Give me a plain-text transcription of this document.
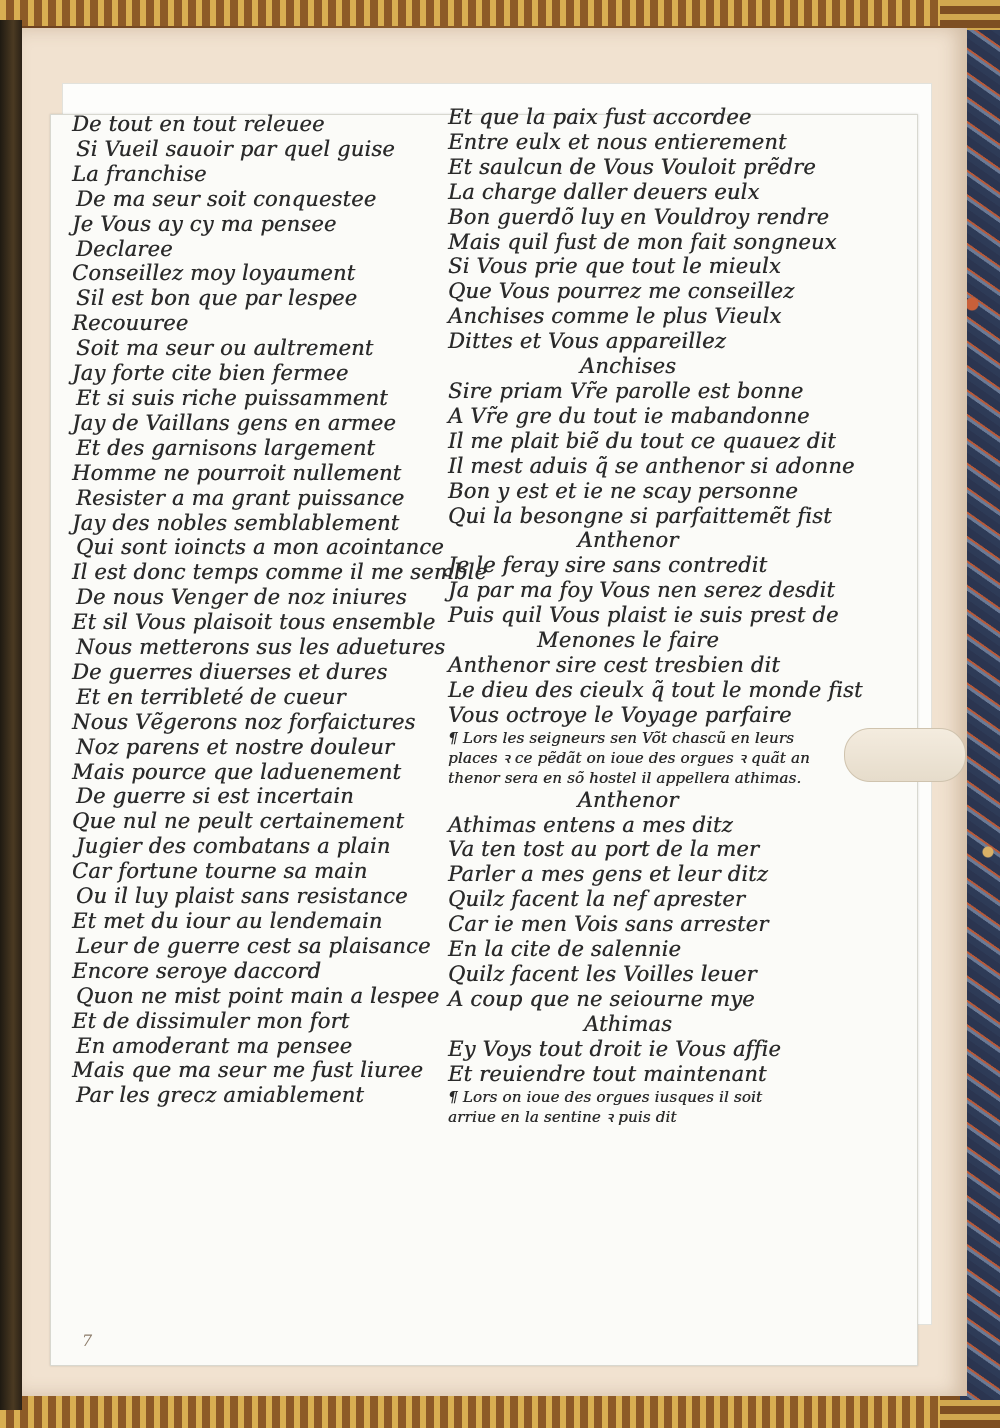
7
De tout en tout releuee
Si Vueil sauoir par quel guise
La franchise
De ma seur soit conquestee
Je Vous ay cy ma pensee
Declaree
Conseillez moy loyaument
Sil est bon que par lespee
Recouuree
Soit ma seur ou aultrement
Jay forte cite bien fermee
Et si suis riche puissamment
Jay de Vaillans gens en armee
Et des garnisons largement
Homme ne pourroit nullement
Resister a ma grant puissance
Jay des nobles semblablement
Qui sont ioincts a mon acointance
Il est donc temps comme il me semble
De nous Venger de noz iniures
Et sil Vous plaisoit tous ensemble
Nous metterons sus les aduetures
De guerres diuerses et dures
Et en terribleté de cueur
Nous Vẽgerons noz forfaictures
Noz parens et nostre douleur
Mais pource que laduenement
De guerre si est incertain
Que nul ne peult certainement
Jugier des combatans a plain
Car fortune tourne sa main
Ou il luy plaist sans resistance
Et met du iour au lendemain
Leur de guerre cest sa plaisance
Encore seroye daccord
Quon ne mist point main a lespee
Et de dissimuler mon fort
En amoderant ma pensee
Mais que ma seur me fust liuree
Par les grecz amiablement
Et que la paix fust accordee
Entre eulx et nous entierement
Et saulcun de Vous Vouloit prẽdre
La charge daller deuers eulx
Bon guerdõ luy en Vouldroy rendre
Mais quil fust de mon fait songneux
Si Vous prie que tout le mieulx
Que Vous pourrez me conseillez
Anchises comme le plus Vieulx
Dittes et Vous appareillez
Anchises
Sire priam Vr̃e parolle est bonne
A Vr̃e gre du tout ie mabandonne
Il me plait biẽ du tout ce quauez dit
Il mest aduis q̃ se anthenor si adonne
Bon y est et ie ne scay personne
Qui la besongne si parfaittemẽt fist
Anthenor
Je le feray sire sans contredit
Ja par ma foy Vous nen serez desdit
Puis quil Vous plaist ie suis prest de
Menones le faire
Anthenor sire cest tresbien dit
Le dieu des cieulx q̃ tout le monde fist
Vous octroye le Voyage parfaire
¶ Lors les seigneurs sen Võt chascũ en leurs
places ꝛ ce pẽdãt on ioue des orgues ꝛ quãt an
thenor sera en sõ hostel il appellera athimas.
Anthenor
Athimas entens a mes ditz
Va ten tost au port de la mer
Parler a mes gens et leur ditz
Quilz facent la nef aprester
Car ie men Vois sans arrester
En la cite de salennie
Quilz facent les Voilles leuer
A coup que ne seiourne mye
Athimas
Ey Voys tout droit ie Vous affie
Et reuiendre tout maintenant
¶ Lors on ioue des orgues iusques il soit
arriue en la sentine ꝛ puis dit
